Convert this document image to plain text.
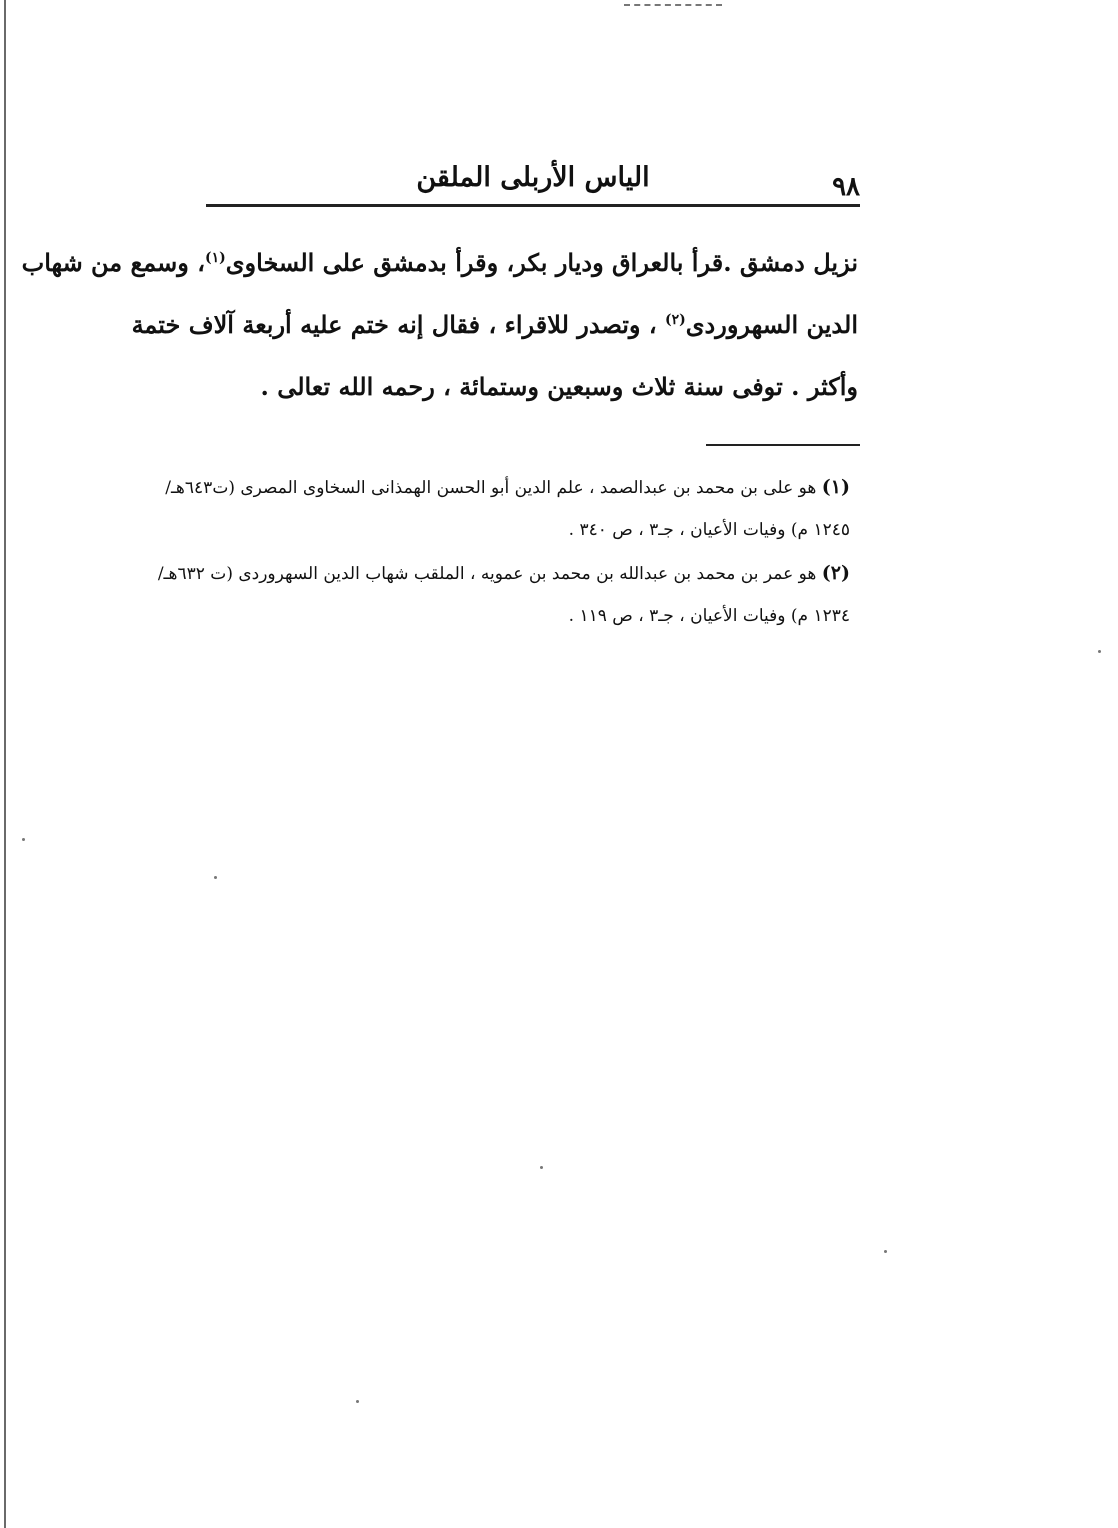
الياس الأربلى الملقن	٩٨
نزيل دمشق .قرأ بالعراق وديار بكر، وقرأ بدمشق على السخاوى$^{(١)}$، وسمع من شهاب
الدين السهروردى$^{(٢)}$ ، وتصدر للاقراء ، فقال إنه ختم عليه أربعة آلاف ختمة
وأكثر . توفى سنة ثلاث وسبعين وستمائة ، رحمه الله تعالى .
(١) هو على بن محمد بن عبدالصمد ، علم الدين أبو الحسن الهمذانى السخاوى المصرى (ت٦٤٣هـ/
١٢٤٥ م) وفيات الأعيان ، جـ٣ ، ص ٣٤٠ .
(٢) هو عمر بن محمد بن عبدالله بن محمد بن عمويه ، الملقب شهاب الدين السهروردى (ت ٦٣٢هـ/
١٢٣٤ م) وفيات الأعيان ، جـ٣ ، ص ١١٩ .
